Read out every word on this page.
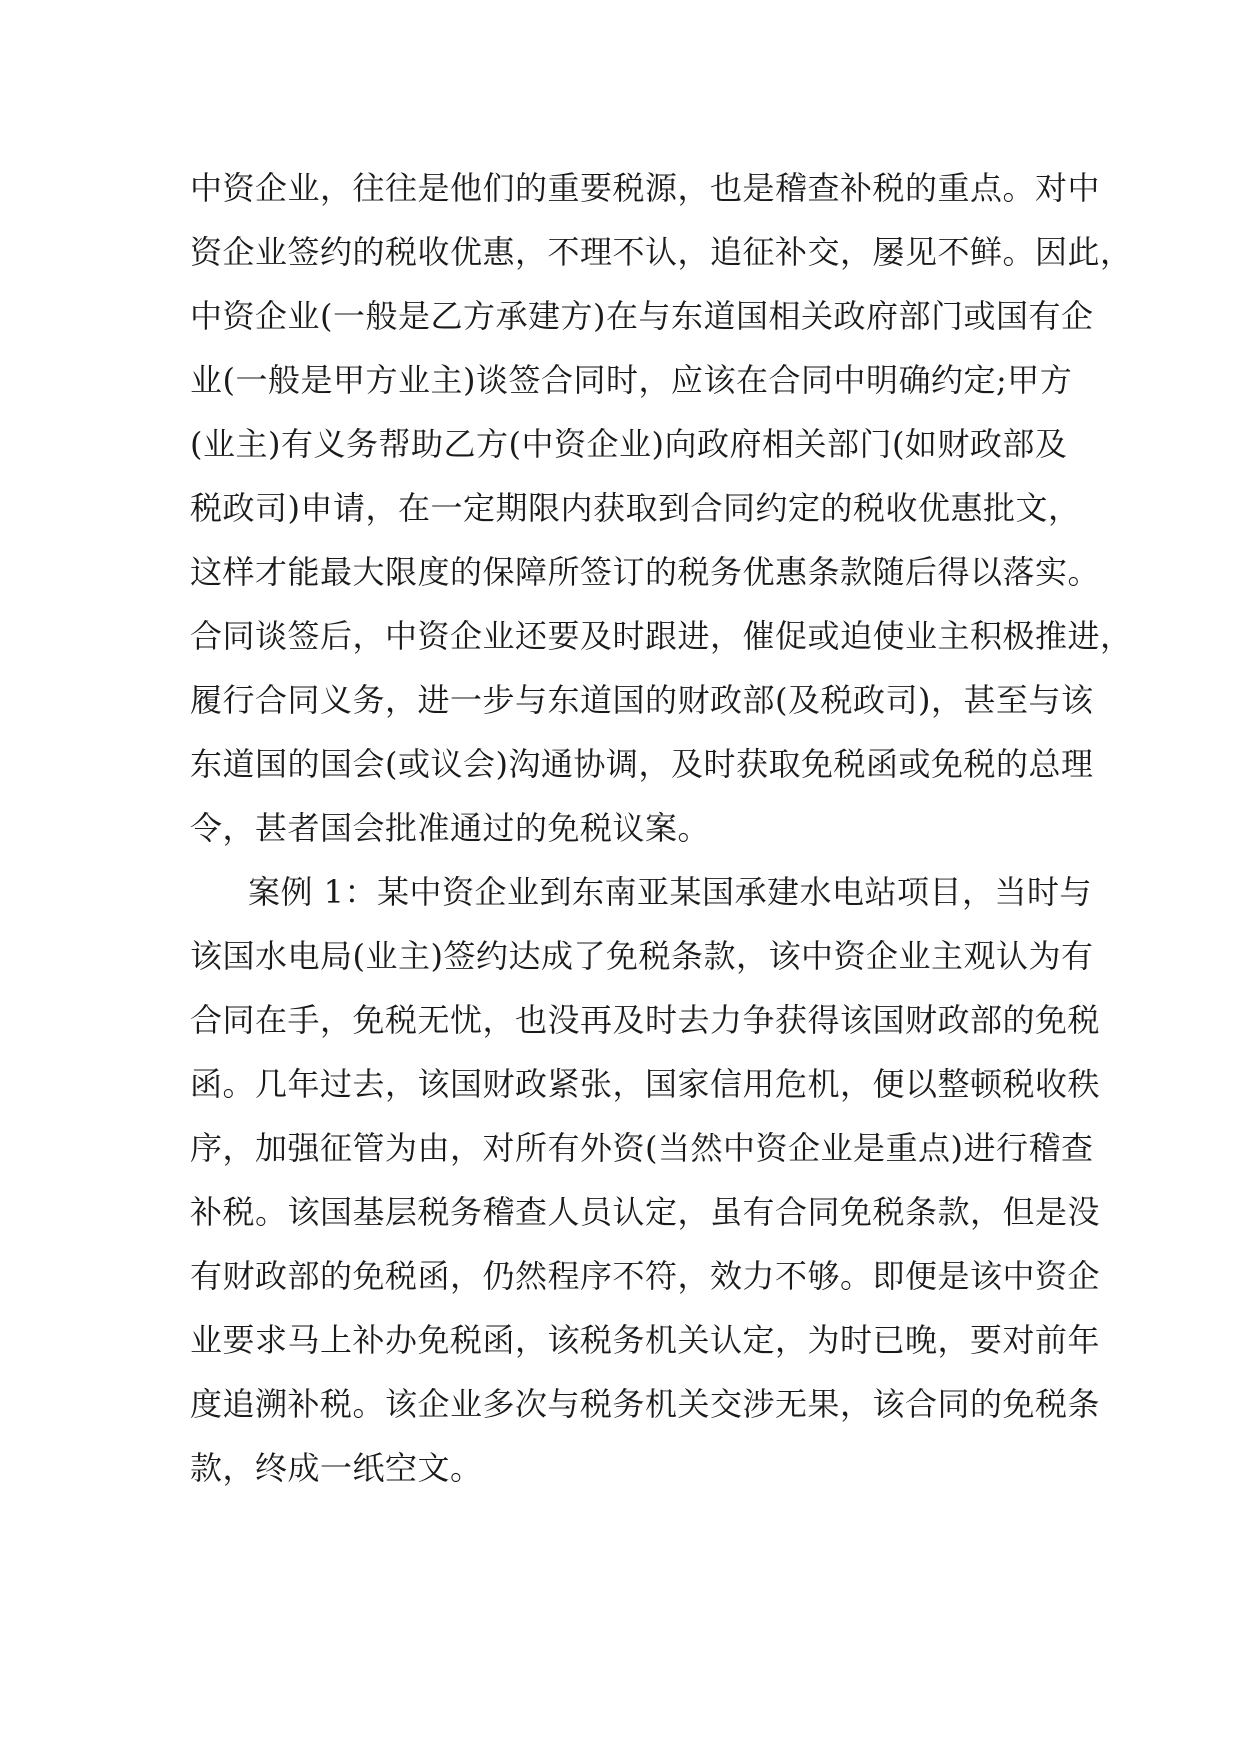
中资企业，往往是他们的重要税源，也是稽查补税的重点。对中
资企业签约的税收优惠，不理不认，追征补交，屡见不鲜。因此，
中资企业(一般是乙方承建方)在与东道国相关政府部门或国有企
业(一般是甲方业主)谈签合同时，应该在合同中明确约定;甲方
(业主)有义务帮助乙方(中资企业)向政府相关部门(如财政部及
税政司)申请，在一定期限内获取到合同约定的税收优惠批文，
这样才能最大限度的保障所签订的税务优惠条款随后得以落实。
合同谈签后，中资企业还要及时跟进，催促或迫使业主积极推进，
履行合同义务，进一步与东道国的财政部(及税政司)，甚至与该
东道国的国会(或议会)沟通协调，及时获取免税函或免税的总理
令，甚者国会批准通过的免税议案。
案例 1：某中资企业到东南亚某国承建水电站项目，当时与
该国水电局(业主)签约达成了免税条款，该中资企业主观认为有
合同在手，免税无忧，也没再及时去力争获得该国财政部的免税
函。几年过去，该国财政紧张，国家信用危机，便以整顿税收秩
序，加强征管为由，对所有外资(当然中资企业是重点)进行稽查
补税。该国基层税务稽查人员认定，虽有合同免税条款，但是没
有财政部的免税函，仍然程序不符，效力不够。即便是该中资企
业要求马上补办免税函，该税务机关认定，为时已晚，要对前年
度追溯补税。该企业多次与税务机关交涉无果，该合同的免税条
款，终成一纸空文。
